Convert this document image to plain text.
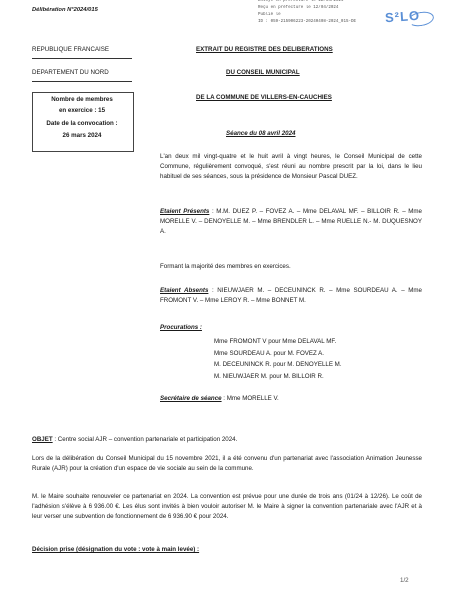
Délibération N°2024/015
Envoyé en préfecture le 12/04/2024
Reçu en préfecture le 12/04/2024
Publié le
ID : 059-215906223-20240408-2024_015-DE	S²LO
REPUBLIQUE FRANCAISE
DEPARTEMENT DU NORD
Nombre de membres
en exercice : 15
Date de la convocation :
26 mars 2024
EXTRAIT DU REGISTRE DES DELIBERATIONS
DU CONSEIL MUNICIPAL
DE LA COMMUNE DE VILLERS-EN-CAUCHIES
Séance du 08 avril 2024
L'an deux mil vingt-quatre et le huit avril à vingt heures, le Conseil Municipal de cette Commune, régulièrement convoqué, s'est réuni au nombre prescrit par la loi, dans le lieu habituel de ses séances, sous la présidence de Monsieur Pascal DUEZ.
Etaient Présents : M.M. DUEZ P. – FOVEZ A. – Mme DELAVAL MF. – BILLOIR R. – Mme MORELLE V. – DENOYELLE M. – Mme BRENDLER L. – Mme RUELLE N.- M. DUQUESNOY A.
Formant la majorité des membres en exercices.
Etaient Absents : NIEUWJAER M. – DECEUNINCK R. – Mme SOURDEAU A. – Mme FROMONT V. – Mme LEROY R. – Mme BONNET M.
Procurations :
Mme FROMONT V pour Mme DELAVAL MF.
Mme SOURDEAU A. pour M. FOVEZ A.
M. DECEUNINCK R. pour M. DENOYELLE M.
M. NIEUWJAER M. pour M. BILLOIR R.
Secrétaire de séance : Mme MORELLE V.
OBJET : Centre social AJR – convention partenariale et participation 2024.
Lors de la délibération du Conseil Municipal du 15 novembre 2021, il a été convenu d'un partenariat avec l'association Animation Jeunesse Rurale (AJR) pour la création d'un espace de vie sociale au sein de la commune.
M. le Maire souhaite renouveler ce partenariat en 2024. La convention est prévue pour une durée de trois ans (01/24 à 12/26). Le coût de l'adhésion s'élève à 6 936.00 €. Les élus sont invités à bien vouloir autoriser M. le Maire à signer la convention partenariale avec l'AJR et à leur verser une subvention de fonctionnement de 6 936.90 € pour 2024.
Décision prise (désignation du vote : vote à main levée) :
1/2
